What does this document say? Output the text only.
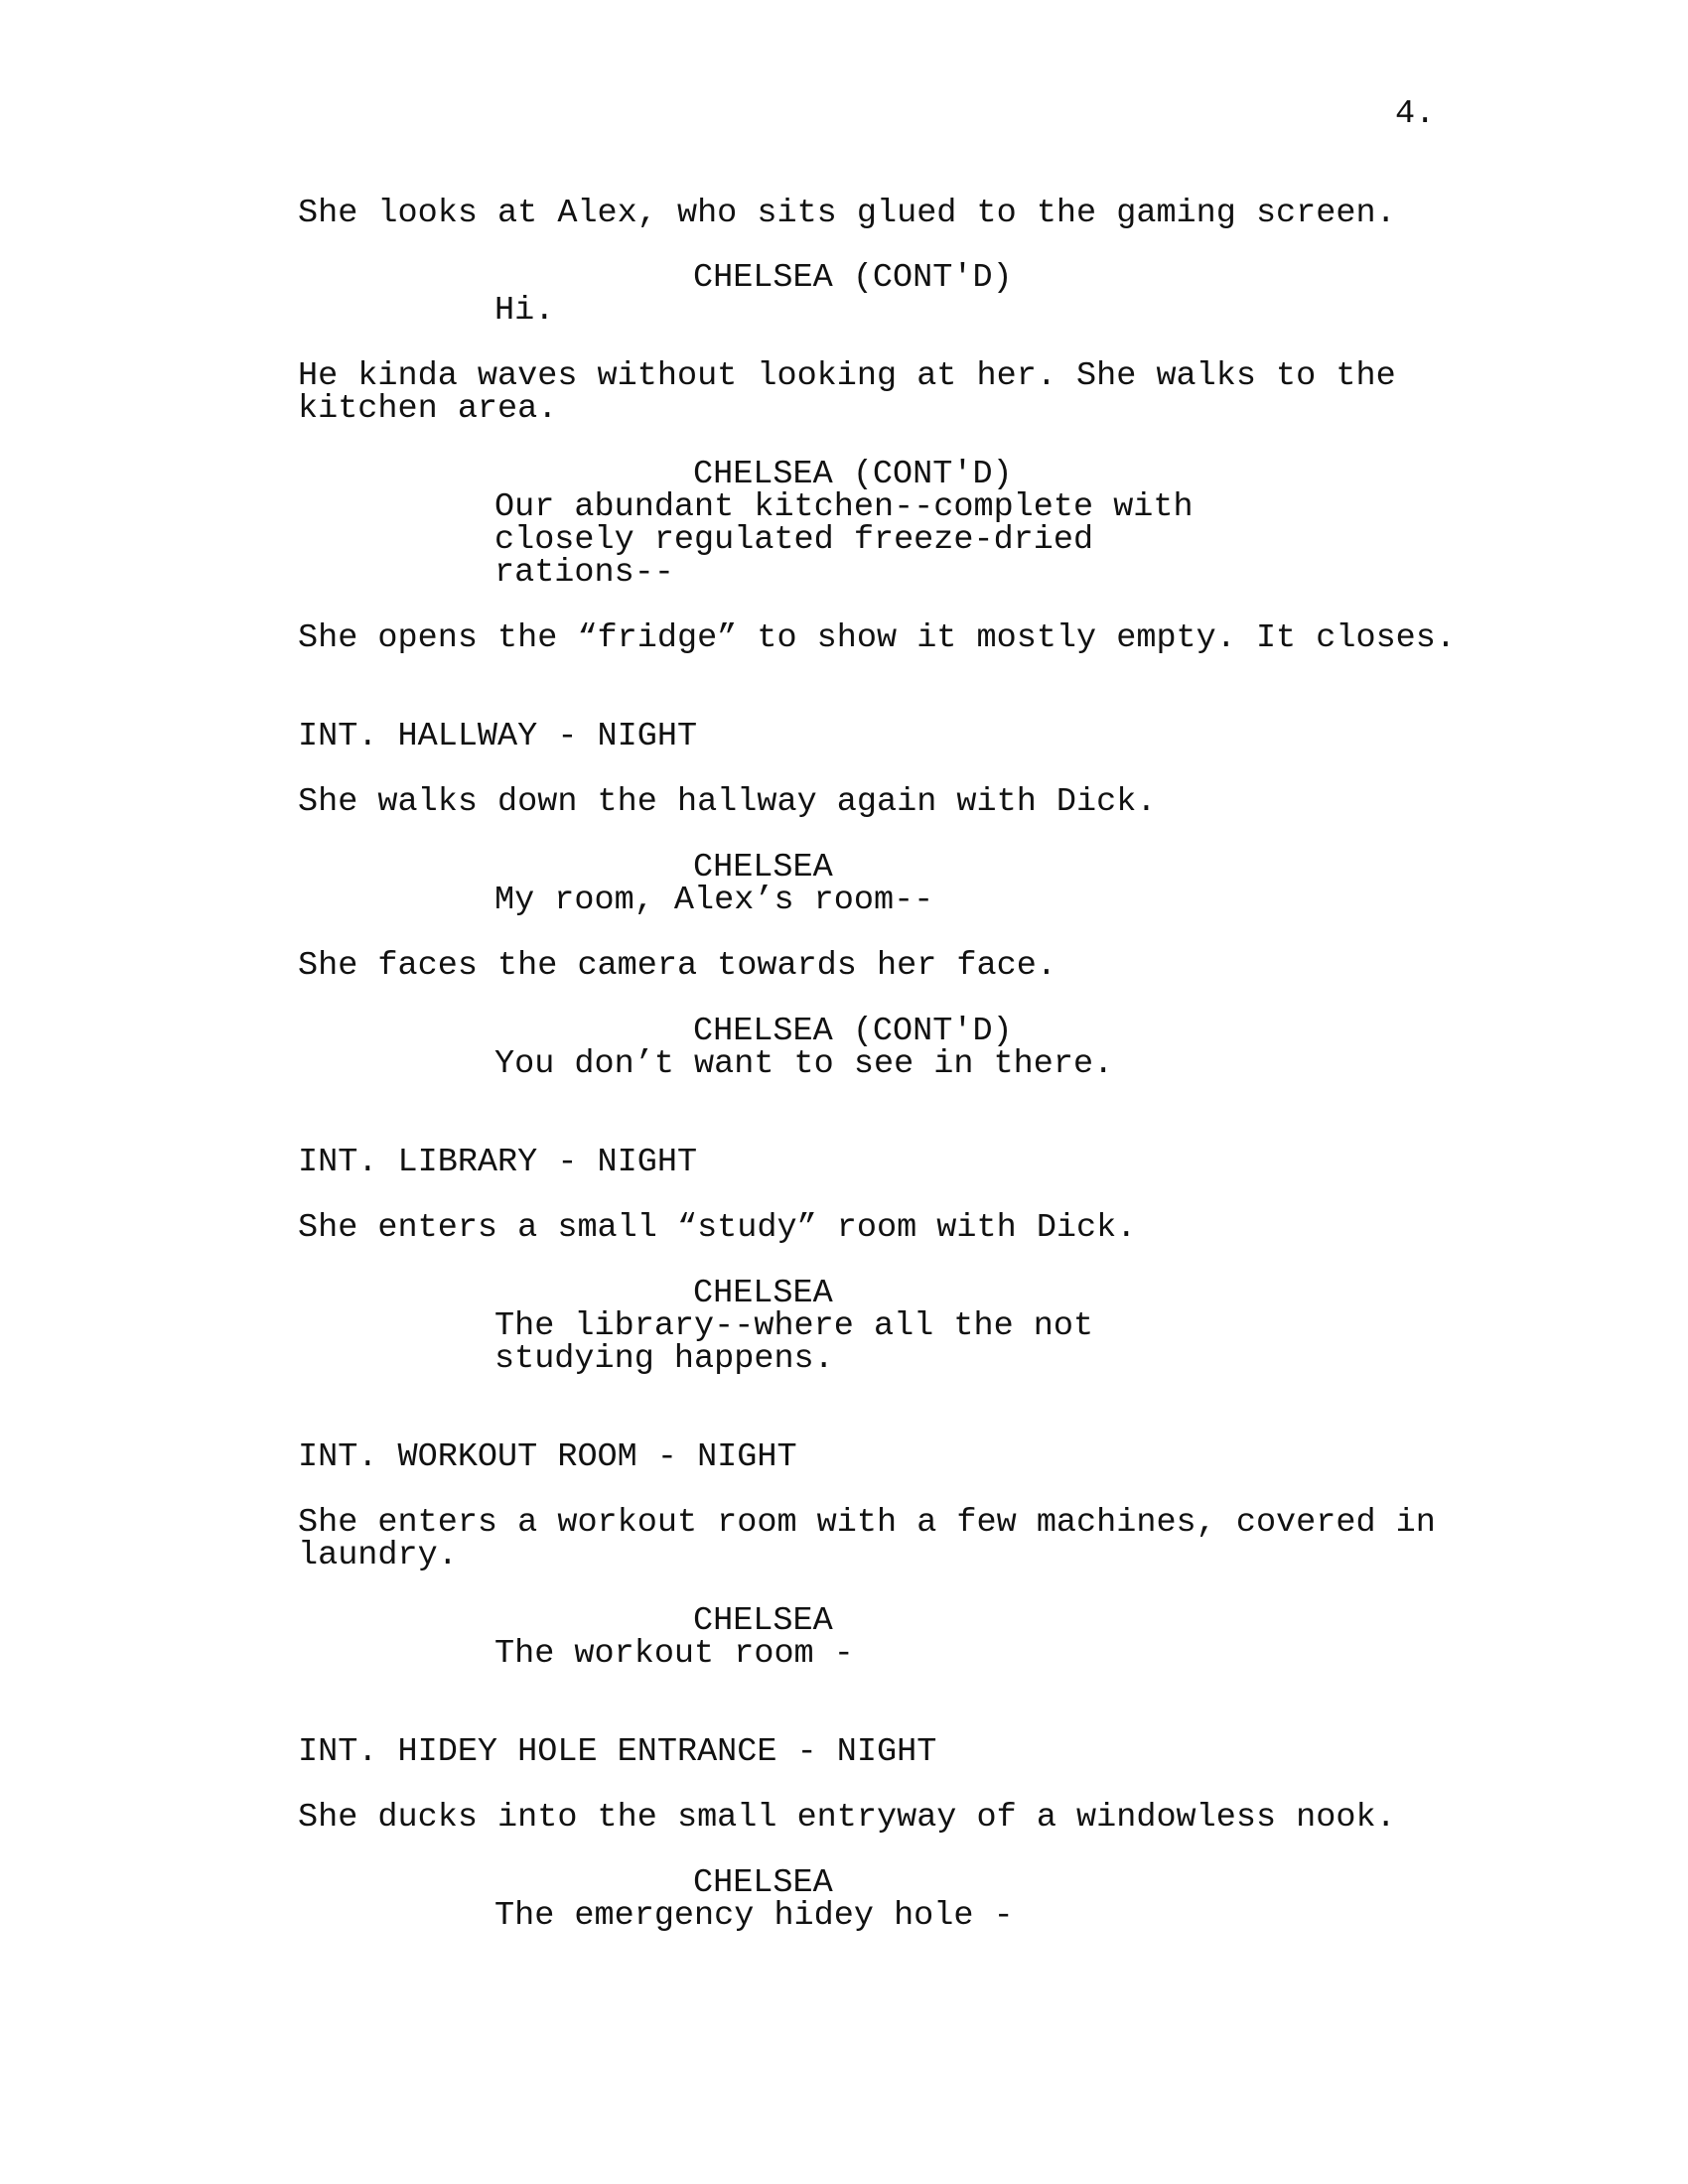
4.

She looks at Alex, who sits glued to the gaming screen.

CHELSEA (CONT'D)

Hi.

He kinda waves without looking at her. She walks to the
kitchen area.

CHELSEA (CONT'D)

Our abundant kitchen--complete with
closely regulated freeze-dried
rations--

She opens the “fridge” to show it mostly empty. It closes.

INT. HALLWAY - NIGHT

She walks down the hallway again with Dick.

CHELSEA

My room, Alex’s room--

She faces the camera towards her face.

CHELSEA (CONT'D)

You don’t want to see in there.

INT. LIBRARY - NIGHT

She enters a small “study” room with Dick.

CHELSEA

The library--where all the not
studying happens.

INT. WORKOUT ROOM - NIGHT

She enters a workout room with a few machines, covered in
laundry.

CHELSEA

The workout room -

INT. HIDEY HOLE ENTRANCE - NIGHT

She ducks into the small entryway of a windowless nook.

CHELSEA

The emergency hidey hole -
